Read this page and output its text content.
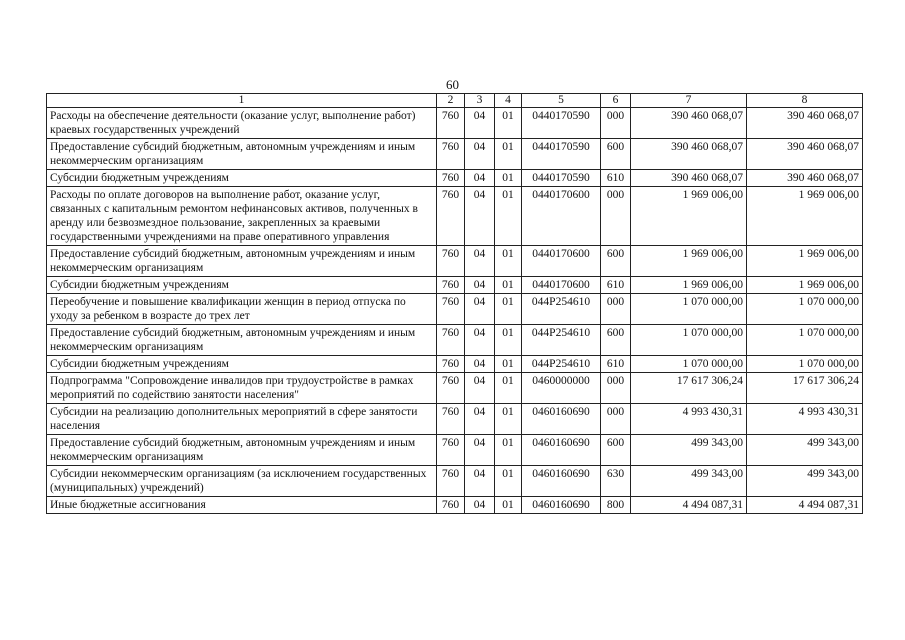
60
1	2	3	4	5	6	7	8
Расходы на обеспечение деятельности (оказание услуг, выполнение работ) краевых государственных учреждений	760	04	01	0440170590	000	390 460 068,07	390 460 068,07
Предоставление субсидий бюджетным, автономным учреждениям и иным некоммерческим организациям	760	04	01	0440170590	600	390 460 068,07	390 460 068,07
Субсидии бюджетным учреждениям	760	04	01	0440170590	610	390 460 068,07	390 460 068,07
Расходы по оплате договоров на выполнение работ, оказание услуг, связанных с капитальным ремонтом нефинансовых активов, полученных в аренду или безвозмездное пользование, закрепленных за краевыми государственными учреждениями на праве оперативного управления	760	04	01	0440170600	000	1 969 006,00	1 969 006,00
Предоставление субсидий бюджетным, автономным учреждениям и иным некоммерческим организациям	760	04	01	0440170600	600	1 969 006,00	1 969 006,00
Субсидии бюджетным учреждениям	760	04	01	0440170600	610	1 969 006,00	1 969 006,00
Переобучение и повышение квалификации женщин в период отпуска по уходу за ребенком в возрасте до трех лет	760	04	01	044P254610	000	1 070 000,00	1 070 000,00
Предоставление субсидий бюджетным, автономным учреждениям и иным некоммерческим организациям	760	04	01	044P254610	600	1 070 000,00	1 070 000,00
Субсидии бюджетным учреждениям	760	04	01	044P254610	610	1 070 000,00	1 070 000,00
Подпрограмма "Сопровождение инвалидов при трудоустройстве в рамках мероприятий по содействию занятости населения"	760	04	01	0460000000	000	17 617 306,24	17 617 306,24
Субсидии на реализацию дополнительных мероприятий в сфере занятости населения	760	04	01	0460160690	000	4 993 430,31	4 993 430,31
Предоставление субсидий бюджетным, автономным учреждениям и иным некоммерческим организациям	760	04	01	0460160690	600	499 343,00	499 343,00
Субсидии некоммерческим организациям (за исключением государственных (муниципальных) учреждений)	760	04	01	0460160690	630	499 343,00	499 343,00
Иные бюджетные ассигнования	760	04	01	0460160690	800	4 494 087,31	4 494 087,31
